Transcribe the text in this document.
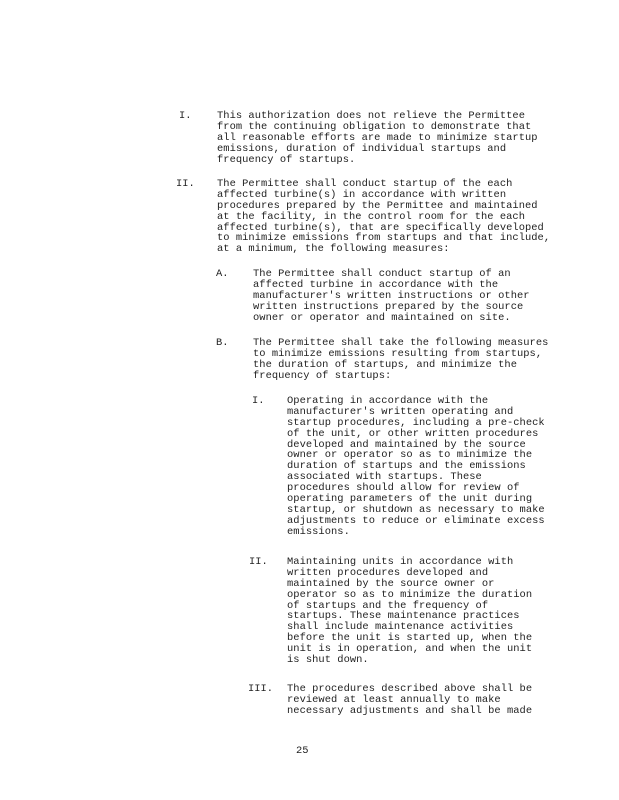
I. This authorization does not relieve the Permittee
from the continuing obligation to demonstrate that
all reasonable efforts are made to minimize startup
emissions, duration of individual startups and
frequency of startups.
II. The Permittee shall conduct startup of the each
affected turbine(s) in accordance with written
procedures prepared by the Permittee and maintained
at the facility, in the control room for the each
affected turbine(s), that are specifically developed
to minimize emissions from startups and that include,
at a minimum, the following measures:
A. The Permittee shall conduct startup of an
affected turbine in accordance with the
manufacturer's written instructions or other
written instructions prepared by the source
owner or operator and maintained on site.
B. The Permittee shall take the following measures
to minimize emissions resulting from startups,
the duration of startups, and minimize the
frequency of startups:
I. Operating in accordance with the
manufacturer's written operating and
startup procedures, including a pre-check
of the unit, or other written procedures
developed and maintained by the source
owner or operator so as to minimize the
duration of startups and the emissions
associated with startups. These
procedures should allow for review of
operating parameters of the unit during
startup, or shutdown as necessary to make
adjustments to reduce or eliminate excess
emissions.
II. Maintaining units in accordance with
written procedures developed and
maintained by the source owner or
operator so as to minimize the duration
of startups and the frequency of
startups. These maintenance practices
shall include maintenance activities
before the unit is started up, when the
unit is in operation, and when the unit
is shut down.
III. The procedures described above shall be
reviewed at least annually to make
necessary adjustments and shall be made
25
